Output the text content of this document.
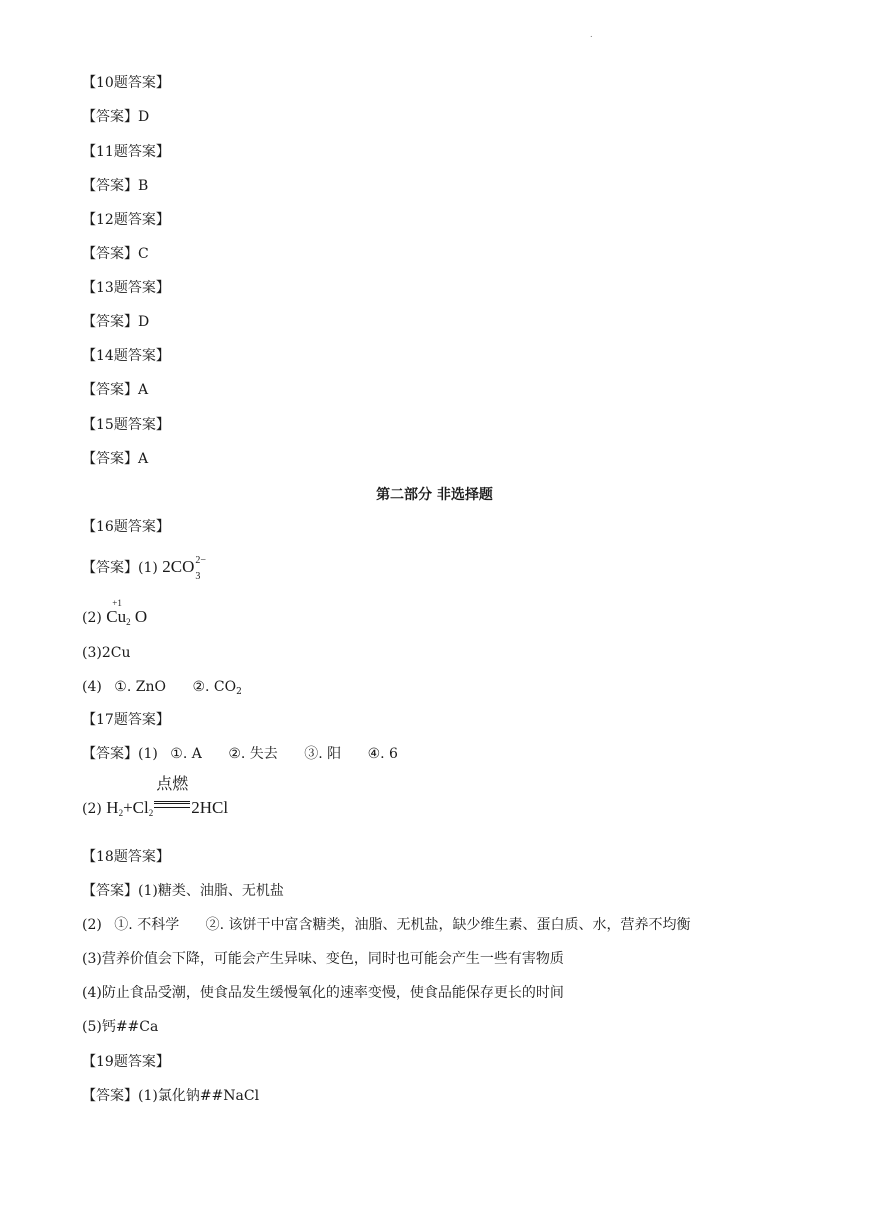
.
【10题答案】
【答案】D
【11题答案】
【答案】B
【12题答案】
【答案】C
【13题答案】
【答案】D
【14题答案】
【答案】A
【15题答案】
【答案】A
第二部分 非选择题
【16题答案】
【答案】(1) 2CO 2−
3
(2)
+1
Cu2 O
(3)2Cu
(4) ①. ZnO ②. $CO_2$
【17题答案】
【答案】(1) ①. A ②. 失去 ③. 阳 ④. 6
(2) H2+Cl2
点燃
2HCl
【18题答案】
【答案】(1)糖类、油脂、无机盐
(2) ①. 不科学 ②. 该饼干中富含糖类，油脂、无机盐，缺少维生素、蛋白质、水，营养不均衡
(3)营养价值会下降，可能会产生异味、变色，同时也可能会产生一些有害物质
(4)防止食品受潮，使食品发生缓慢氧化的速率变慢，使食品能保存更长的时间
(5)钙##Ca
【19题答案】
【答案】(1)氯化钠##NaCl
